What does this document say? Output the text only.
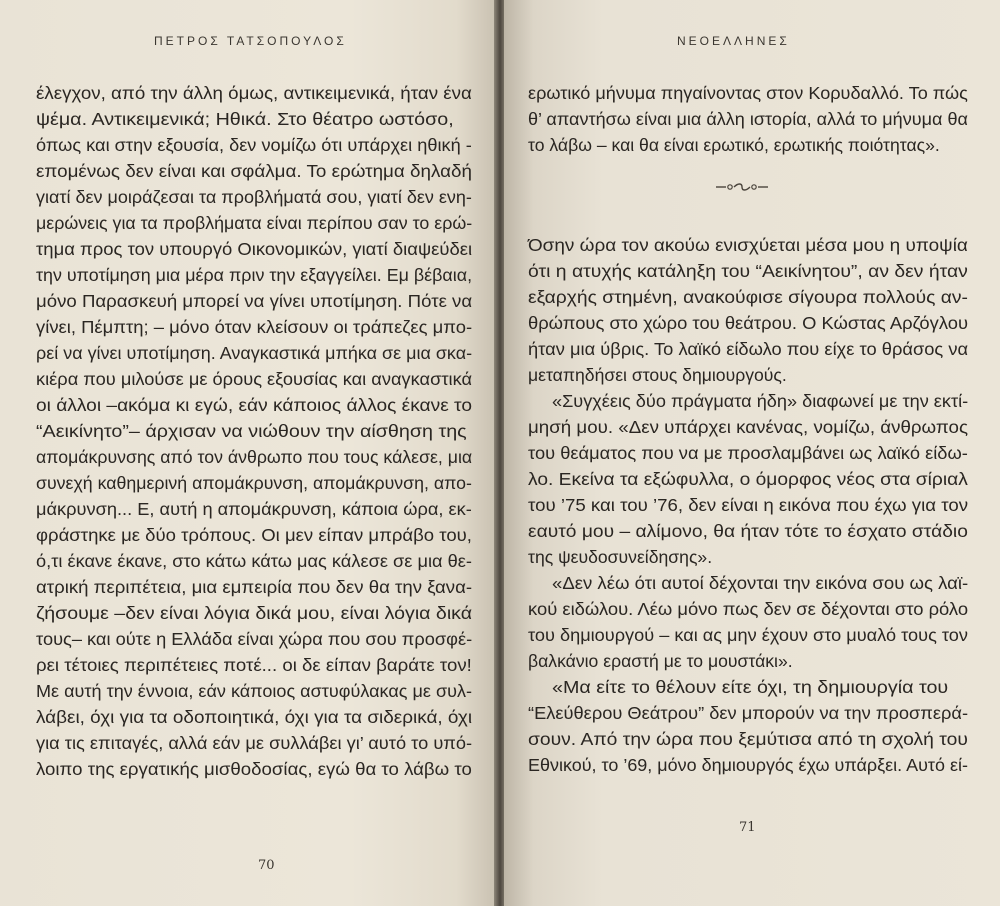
ΠΕΤΡΟΣ ΤΑΤΣΟΠΟΥΛΟΣ
έλεγχον, από την άλλη όμως, αντικειμενικά, ήταν ένα
ψέμα. Αντικειμενικά; Ηθικά. Στο θέατρο ωστόσο,
όπως και στην εξουσία, δεν νομίζω ότι υπάρχει ηθική -
επομένως δεν είναι και σφάλμα. Το ερώτημα δηλαδή
γιατί δεν μοιράζεσαι τα προβλήματά σου, γιατί δεν ενη-
μερώνεις για τα προβλήματα είναι περίπου σαν το ερώ-
τημα προς τον υπουργό Οικονομικών, γιατί διαψεύδει
την υποτίμηση μια μέρα πριν την εξαγγείλει. Εμ βέβαια,
μόνο Παρασκευή μπορεί να γίνει υποτίμηση. Πότε να
γίνει, Πέμπτη; – μόνο όταν κλείσουν οι τράπεζες μπο-
ρεί να γίνει υποτίμηση. Αναγκαστικά μπήκα σε μια σκα-
κιέρα που μιλούσε με όρους εξουσίας και αναγκαστικά
οι άλλοι –ακόμα κι εγώ, εάν κάποιος άλλος έκανε το
“Αεικίνητο”– άρχισαν να νιώθουν την αίσθηση της
απομάκρυνσης από τον άνθρωπο που τους κάλεσε, μια
συνεχή καθημερινή απομάκρυνση, απομάκρυνση, απο-
μάκρυνση... Ε, αυτή η απομάκρυνση, κάποια ώρα, εκ-
φράστηκε με δύο τρόπους. Οι μεν είπαν μπράβο του,
ό,τι έκανε έκανε, στο κάτω κάτω μας κάλεσε σε μια θε-
ατρική περιπέτεια, μια εμπειρία που δεν θα την ξανα-
ζήσουμε –δεν είναι λόγια δικά μου, είναι λόγια δικά
τους– και ούτε η Ελλάδα είναι χώρα που σου προσφέ-
ρει τέτοιες περιπέτειες ποτέ... οι δε είπαν βαράτε τον!
Με αυτή την έννοια, εάν κάποιος αστυφύλακας με συλ-
λάβει, όχι για τα οδοποιητικά, όχι για τα σιδερικά, όχι
για τις επιταγές, αλλά εάν με συλλάβει γι’ αυτό το υπό-
λοιπο της εργατικής μισθοδοσίας, εγώ θα το λάβω το
70
ΝΕΟΕΛΛΗΝΕΣ
ερωτικό μήνυμα πηγαίνοντας στον Κορυδαλλό. Το πώς
θ’ απαντήσω είναι μια άλλη ιστορία, αλλά το μήνυμα θα
το λάβω – και θα είναι ερωτικό, ερωτικής ποιότητας».
Όσην ώρα τον ακούω ενισχύεται μέσα μου η υποψία
ότι η ατυχής κατάληξη του “Αεικίνητου”, αν δεν ήταν
εξαρχής στημένη, ανακούφισε σίγουρα πολλούς αν-
θρώπους στο χώρο του θεάτρου. Ο Κώστας Αρζόγλου
ήταν μια ύβρις. Το λαϊκό είδωλο που είχε το θράσος να
μεταπηδήσει στους δημιουργούς.
«Συγχέεις δύο πράγματα ήδη» διαφωνεί με την εκτί-
μησή μου. «Δεν υπάρχει κανένας, νομίζω, άνθρωπος
του θεάματος που να με προσλαμβάνει ως λαϊκό είδω-
λο. Εκείνα τα εξώφυλλα, ο όμορφος νέος στα σίριαλ
του ’75 και του ’76, δεν είναι η εικόνα που έχω για τον
εαυτό μου – αλίμονο, θα ήταν τότε το έσχατο στάδιο
της ψευδοσυνείδησης».
«Δεν λέω ότι αυτοί δέχονται την εικόνα σου ως λαϊ-
κού ειδώλου. Λέω μόνο πως δεν σε δέχονται στο ρόλο
του δημιουργού – και ας μην έχουν στο μυαλό τους τον
βαλκάνιο εραστή με το μουστάκι».
«Μα είτε το θέλουν είτε όχι, τη δημιουργία του
“Ελεύθερου Θεάτρου” δεν μπορούν να την προσπερά-
σουν. Από την ώρα που ξεμύτισα από τη σχολή του
Εθνικού, το ’69, μόνο δημιουργός έχω υπάρξει. Αυτό εί-
71
